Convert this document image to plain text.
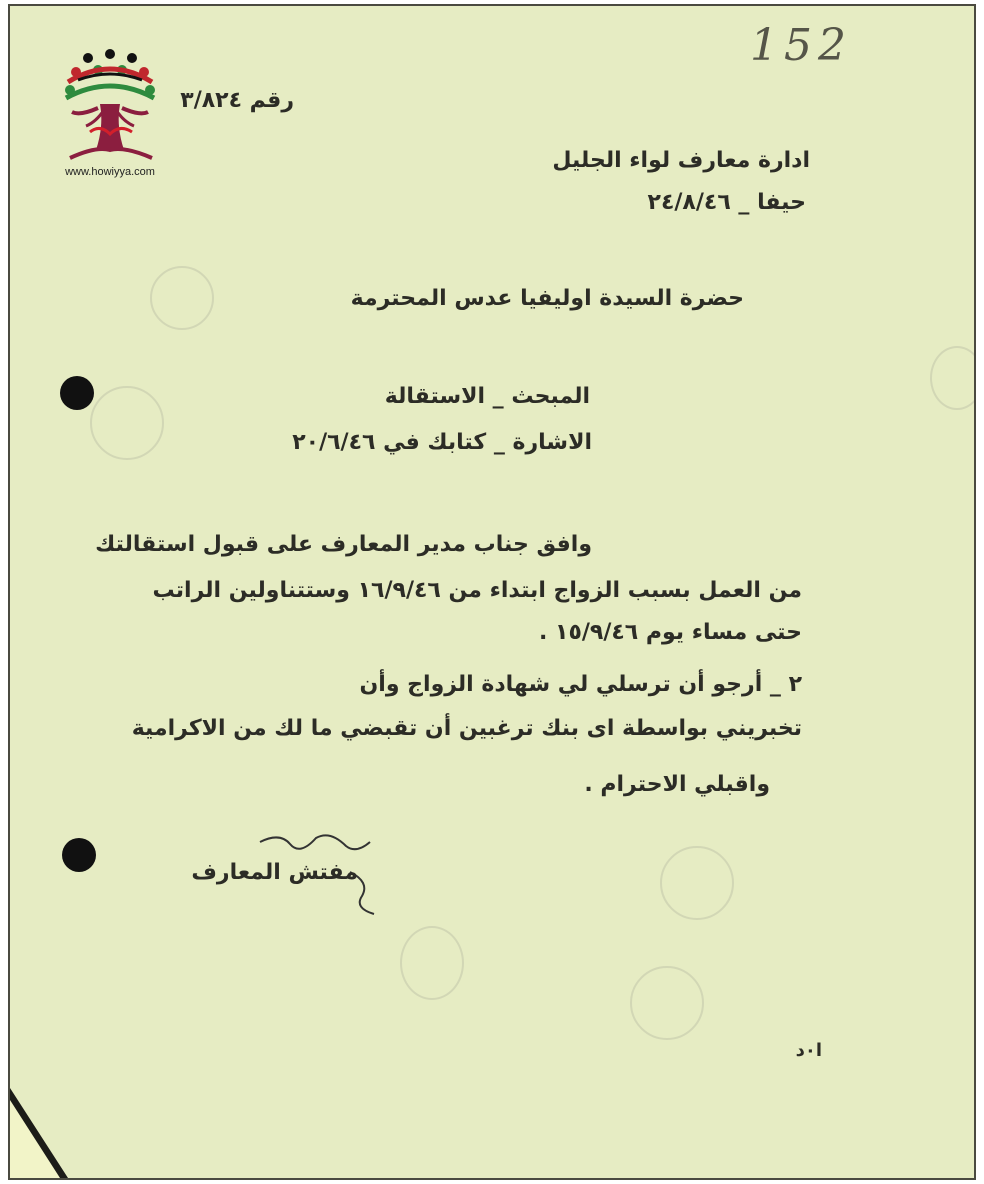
152
www.howiyya.com
رقم ٣/٨٢٤
ادارة معارف لواء الجليل
حيفا _ ٢٤/٨/٤٦
حضرة السيدة اوليفيا عدس المحترمة
المبحث _ الاستقالة
الاشارة _ كتابك في ٢٠/٦/٤٦
وافق جناب مدير المعارف على قبول استقالتك
من العمل بسبب الزواج ابتداء من ١٦/٩/٤٦ وستتناولين الراتب
حتى مساء يوم ١٥/٩/٤٦ .
٢ _ أرجو أن ترسلي لي شهادة الزواج وأن
تخبريني بواسطة اى بنك ترغبين أن تقبضي ما لك من الاكرامية
واقبلي الاحترام .
مفتش المعارف
ا٠د
